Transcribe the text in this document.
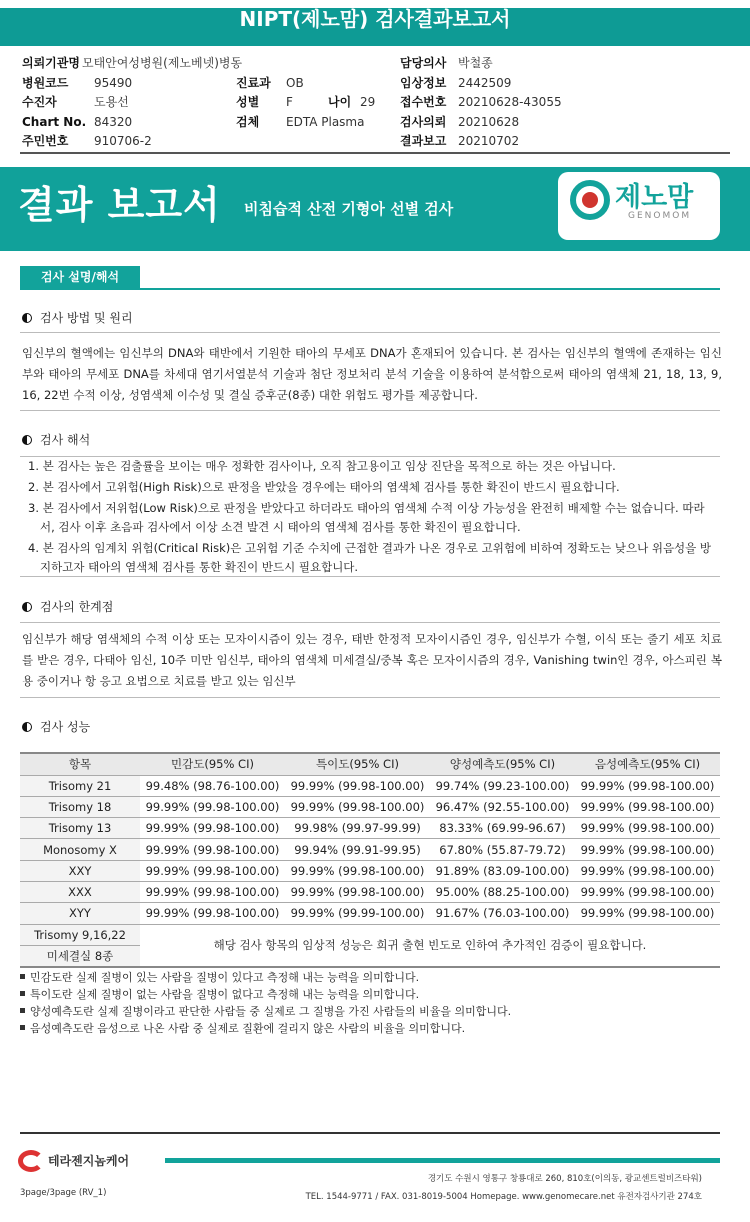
NIPT(제노맘) 검사결과보고서
의뢰기관명 모태안여성병원(제노베넷)병동
병원코드 95490
수진자	도용선
Chart No. 84320
주민번호 910706-2
진료과 OB
성별 F	나이 29
검체 EDTA Plasma
담당의사 박철종
임상정보 2442509
접수번호 20210628-43055
검사의뢰 20210628
결과보고 20210702
결과 보고서 비침습적 산전 기형아 선별 검사	제노맘
GENOMOM
검사 설명/해석
검사 방법 및 원리
임신부의 혈액에는 임신부의 DNA와 태반에서 기원한 태아의 무세포 DNA가 혼재되어 있습니다. 본 검사는 임신부의 혈액에 존재하는 임신부와 태아의 무세포 DNA를 차세대 염기서열분석 기술과 첨단 정보처리 분석 기술을 이용하여 분석함으로써 태아의 염색체 21, 18, 13, 9, 16, 22번 수적 이상, 성염색체 이수성 및 결실 증후군(8종) 대한 위험도 평가를 제공합니다.
검사 해석
1. 본 검사는 높은 검출률을 보이는 매우 정확한 검사이나, 오직 참고용이고 임상 진단을 목적으로 하는 것은 아닙니다.
2. 본 검사에서 고위험(High Risk)으로 판정을 받았을 경우에는 태아의 염색체 검사를 통한 확진이 반드시 필요합니다.
3. 본 검사에서 저위험(Low Risk)으로 판정을 받았다고 하더라도 태아의 염색체 수적 이상 가능성을 완전히 배제할 수는 없습니다. 따라서, 검사 이후 초음파 검사에서 이상 소견 발견 시 태아의 염색체 검사를 통한 확진이 필요합니다.
4. 본 검사의 임계치 위험(Critical Risk)은 고위험 기준 수치에 근접한 결과가 나온 경우로 고위험에 비하여 정확도는 낮으나 위음성을 방지하고자 태아의 염색체 검사를 통한 확진이 반드시 필요합니다.
검사의 한계점
임신부가 해당 염색체의 수적 이상 또는 모자이시즘이 있는 경우, 태반 한정적 모자이시즘인 경우, 임신부가 수혈, 이식 또는 줄기 세포 치료를 받은 경우, 다태아 임신, 10주 미만 임신부, 태아의 염색체 미세결실/중복 혹은 모자이시즘의 경우, Vanishing twin인 경우, 아스피린 복용 중이거나 항 응고 요법으로 치료를 받고 있는 임신부
검사 성능
항목	민감도(95% CI)	특이도(95% CI)	양성예측도(95% CI)	음성예측도(95% CI)
Trisomy 21	99.48% (98.76-100.00)	99.99% (99.98-100.00)	99.74% (99.23-100.00)	99.99% (99.98-100.00)
Trisomy 18	99.99% (99.98-100.00)	99.99% (99.98-100.00)	96.47% (92.55-100.00)	99.99% (99.98-100.00)
Trisomy 13	99.99% (99.98-100.00)	99.98% (99.97-99.99)	83.33% (69.99-96.67)	99.99% (99.98-100.00)
Monosomy X	99.99% (99.98-100.00)	99.94% (99.91-99.95)	67.80% (55.87-79.72)	99.99% (99.98-100.00)
XXY	99.99% (99.98-100.00)	99.99% (99.98-100.00)	91.89% (83.09-100.00)	99.99% (99.98-100.00)
XXX	99.99% (99.98-100.00)	99.99% (99.98-100.00)	95.00% (88.25-100.00)	99.99% (99.98-100.00)
XYY	99.99% (99.98-100.00)	99.99% (99.99-100.00)	91.67% (76.03-100.00)	99.99% (99.98-100.00)
Trisomy 9,16,22	해당 검사 항목의 임상적 성능은 희귀 출현 빈도로 인하여 추가적인 검증이 필요합니다.			
미세결실 8종				
민감도란 실제 질병이 있는 사람을 질병이 있다고 측정해 내는 능력을 의미합니다.
특이도란 실제 질병이 없는 사람을 질병이 없다고 측정해 내는 능력을 의미합니다.
양성예측도란 실제 질병이라고 판단한 사람들 중 실제로 그 질병을 가진 사람들의 비율을 의미합니다.
음성예측도란 음성으로 나온 사람 중 실제로 질환에 걸리지 않은 사람의 비율을 의미합니다.
테라젠지놈케어
경기도 수원시 영통구 창룡대로 260, 810호(이의동, 광교센트럴비즈타워)
TEL. 1544-9771 / FAX. 031-8019-5004 Homepage. www.genomecare.net 유전자검사기관 274호
3page/3page (RV_1)
